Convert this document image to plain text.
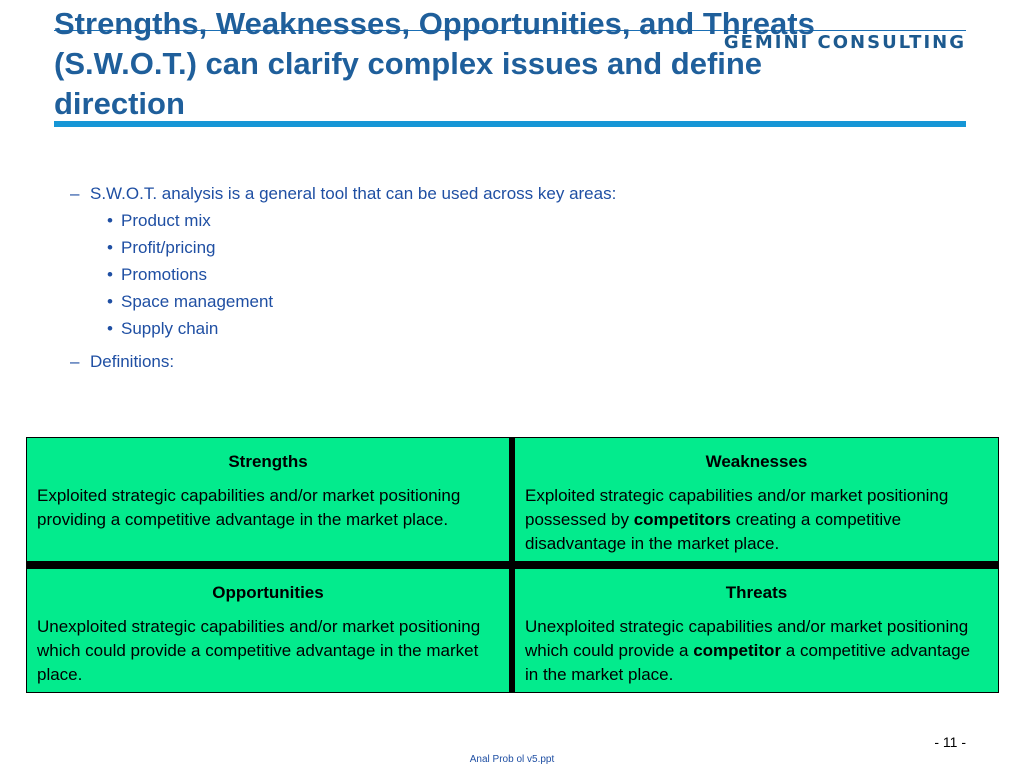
GEMINI CONSULTING
Strengths, Weaknesses, Opportunities, and Threats
(S.W.O.T.) can clarify complex issues and define
direction
– S.W.O.T. analysis is a general tool that can be used across key areas:
• Product mix
• Profit/pricing
• Promotions
• Space management
• Supply chain
– Definitions:
Strengths
Exploited strategic capabilities and/or market positioning providing a competitive advantage in the market place.
Weaknesses
Exploited strategic capabilities and/or market positioning possessed by competitors creating a competitive disadvantage in the market place.
Opportunities
Unexploited strategic capabilities and/or market positioning which could provide a competitive advantage in the market place.
Threats
Unexploited strategic capabilities and/or market positioning which could provide a competitor a competitive advantage in the market place.
- 11 -
Anal Prob ol v5.ppt
